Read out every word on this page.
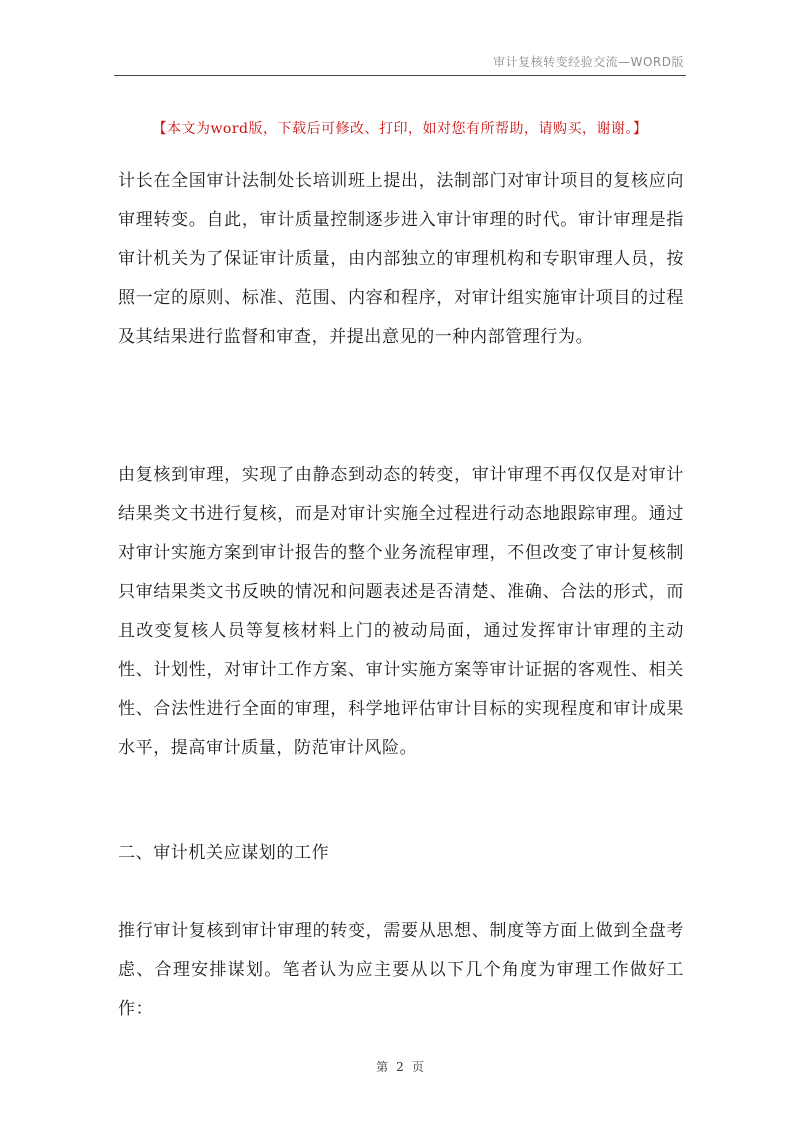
审计复核转变经验交流—WORD版
【本文为word版，下载后可修改、打印，如对您有所帮助，请购买，谢谢。】

计长在全国审计法制处长培训班上提出，法制部门对审计项目的复核应向审理转变。自此，审计质量控制逐步进入审计审理的时代。审计审理是指审计机关为了保证审计质量，由内部独立的审理机构和专职审理人员，按照一定的原则、标准、范围、内容和程序，对审计组实施审计项目的过程及其结果进行监督和审查，并提出意见的一种内部管理行为。

由复核到审理，实现了由静态到动态的转变，审计审理不再仅仅是对审计结果类文书进行复核，而是对审计实施全过程进行动态地跟踪审理。通过对审计实施方案到审计报告的整个业务流程审理，不但改变了审计复核制只审结果类文书反映的情况和问题表述是否清楚、准确、合法的形式，而且改变复核人员等复核材料上门的被动局面，通过发挥审计审理的主动性、计划性，对审计工作方案、审计实施方案等审计证据的客观性、相关性、合法性进行全面的审理，科学地评估审计目标的实现程度和审计成果水平，提高审计质量，防范审计风险。

二、审计机关应谋划的工作

推行审计复核到审计审理的转变，需要从思想、制度等方面上做到全盘考虑、合理安排谋划。笔者认为应主要从以下几个角度为审理工作做好工作：

第 2 页
